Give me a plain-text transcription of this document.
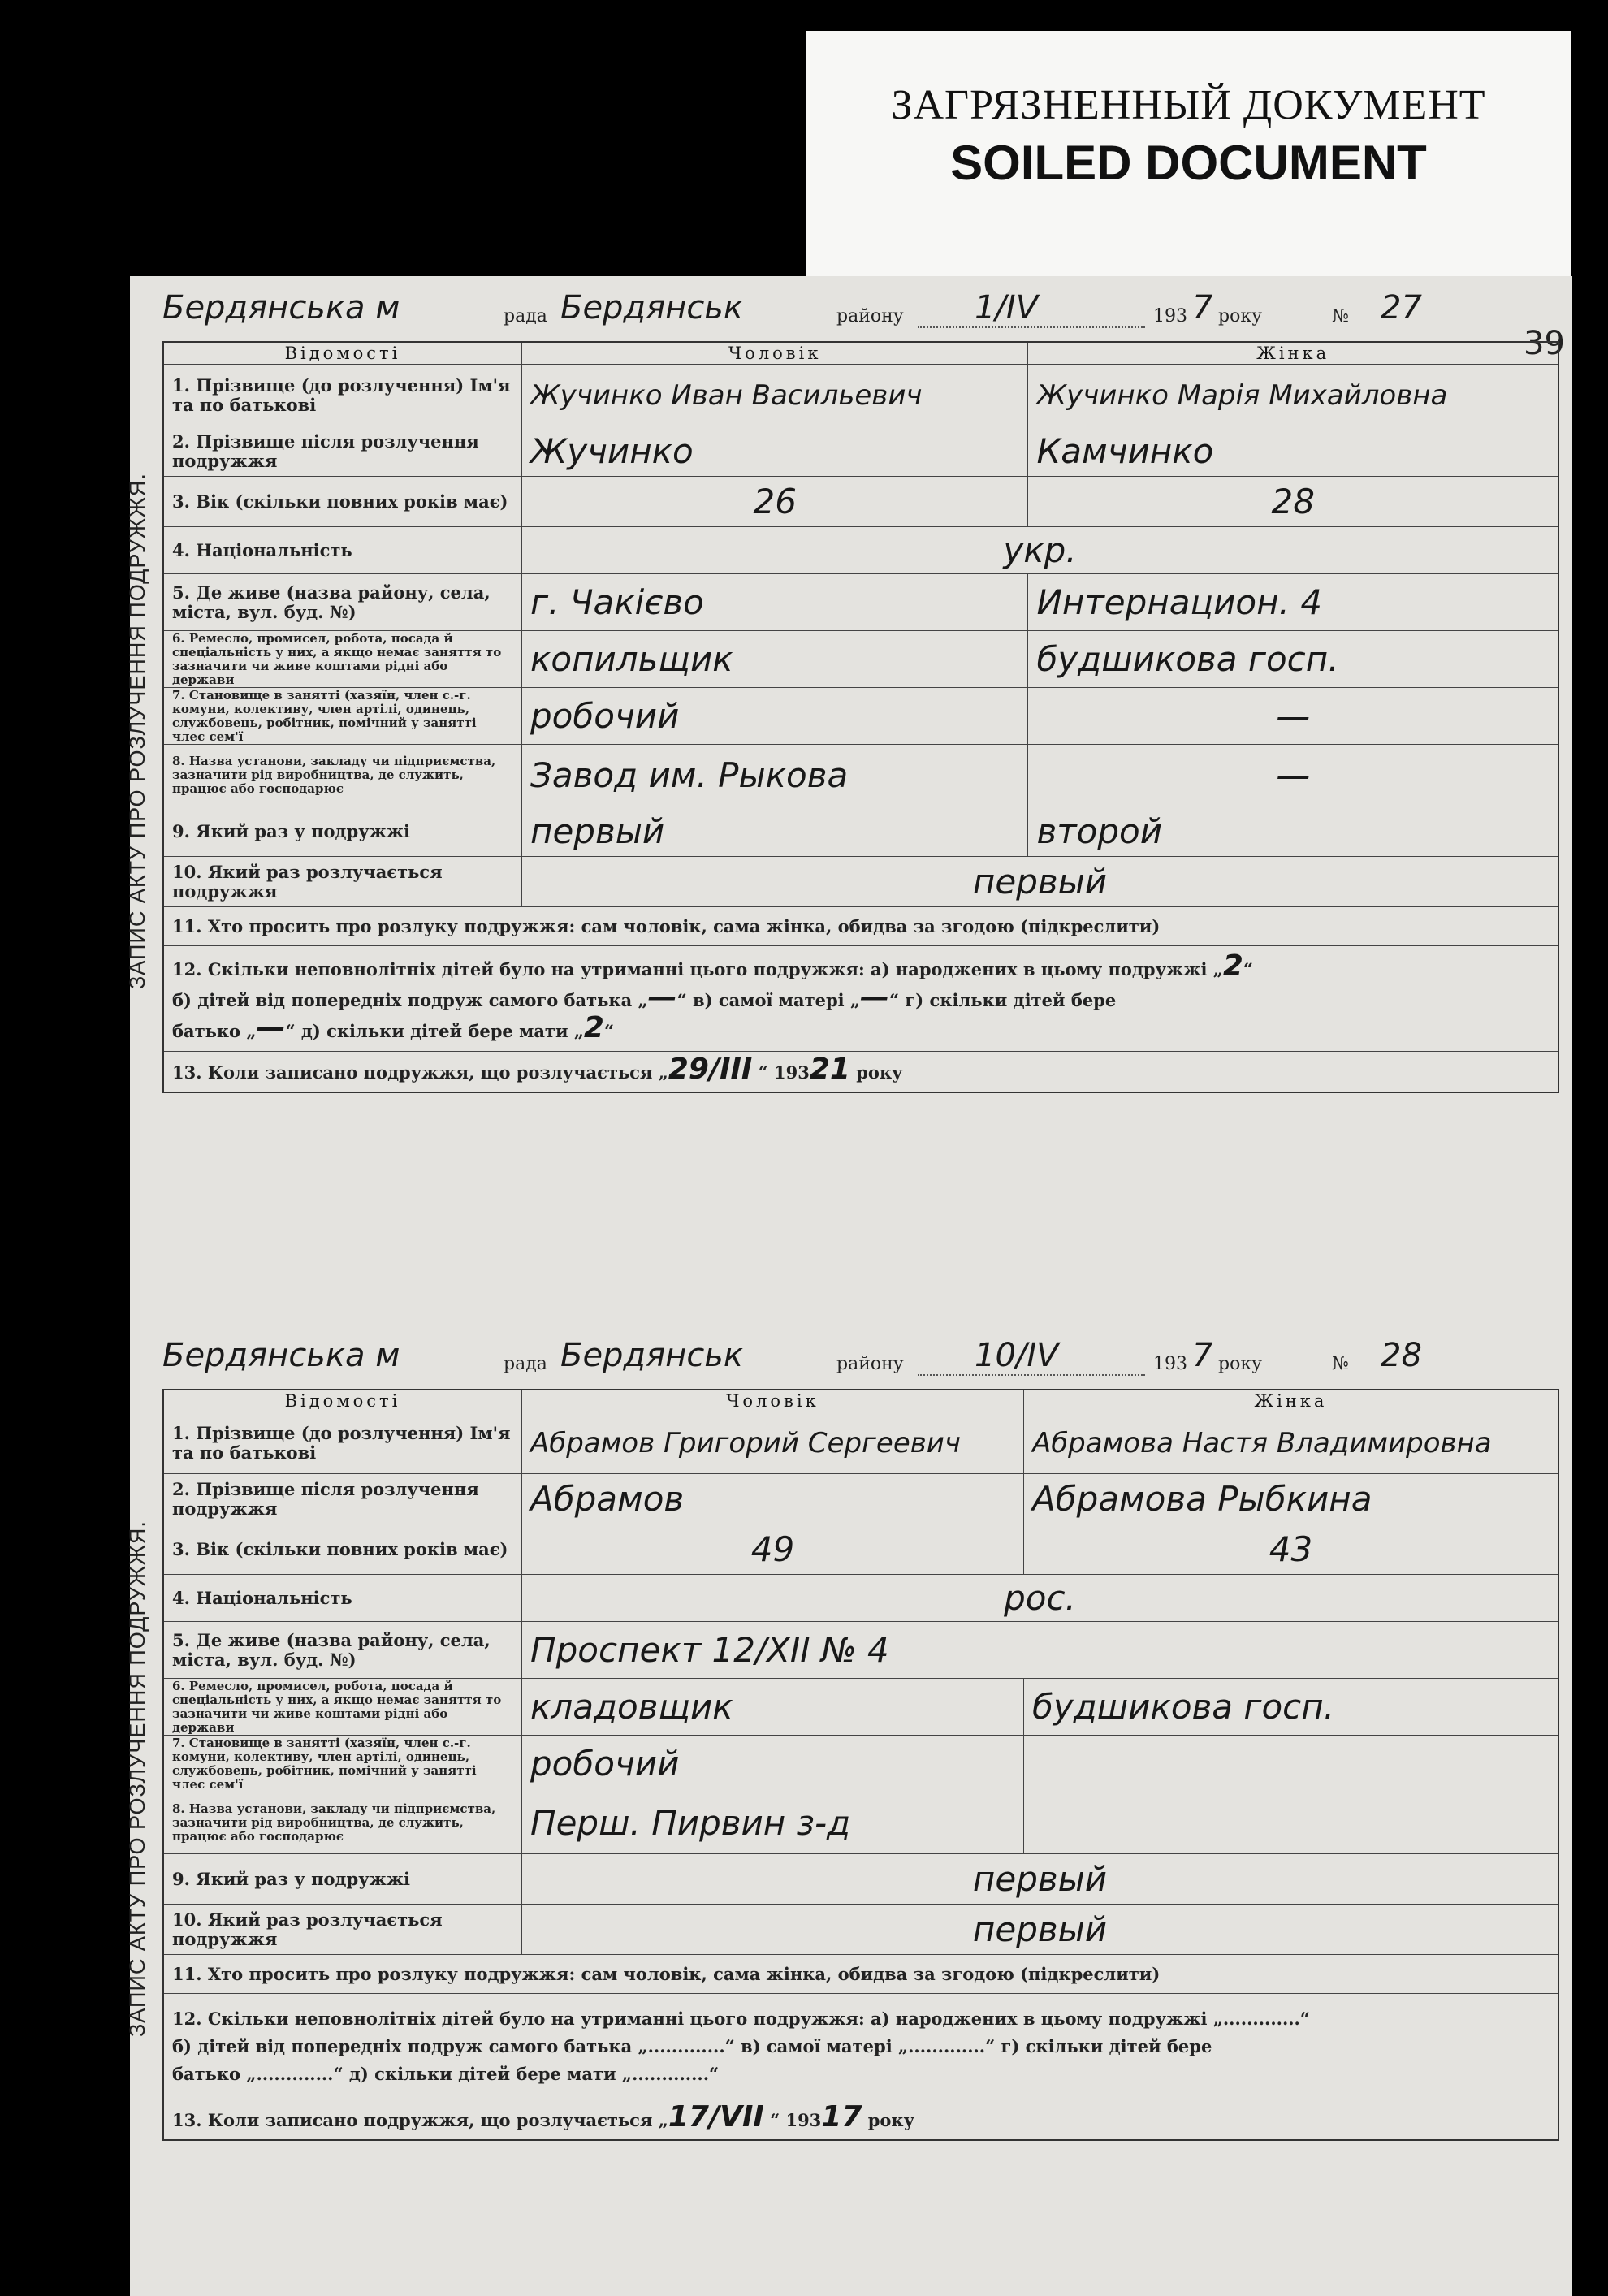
ЗАГРЯЗНЕННЫЙ ДОКУМЕНТ
SOILED DOCUMENT
ЗАПИС АКТУ ПРО РОЗЛУЧЕННЯ ПОДРУЖЖЯ.
Бердянська м	рада Бердянськ	району 1/IV	193 7 року	№ 27
39
Відомості	Чоловік	Жінка
1. Прізвище (до розлучення) Ім'я та по батькові	Жучинко Иван Васильевич	Жучинко Марія Михайловна
2. Прізвище після розлучення подружжя	Жучинко	Камчинко
3. Вік (скільки повних років має)	26	28
4. Національність	укр.	
5. Де живе (назва району, села, міста, вул. буд. №)	г. Чакієво	Интернацион. 4
6. Ремесло, промисел, робота, посада й спеціальність у них, а якщо немає заняття то зазначити чи живе коштами рідні або держави	копильщик	будшикова госп.
7. Становище в занятті (хазяїн, член с.-г. комуни, колективу, член артілі, одинець, службовець, робітник, помічний у занятті члес сем'ї	робочий	—
8. Назва установи, закладу чи підприємства, зазначити рід виробництва, де служить, працює або господарює	Завод им. Рыкова	—
9. Який раз у подружжі	первый	второй
10. Який раз розлучається подружжя	первый	
11. Хто просить про розлуку подружжя: сам чоловік, сама жінка, обидва за згодою (підкреслити)		
12. Скільки неповнолітніх дітей було на утриманні цього подружжя: а) народжених в цьому подружжі „2“
б) дітей від попередніх подруж самого батька „—“ в) самої матері „—“ г) скільки дітей бере
батько „—“ д) скільки дітей бере мати „2“		
13. Коли записано подружжя, що розлучається „29/III “ 19321 року		
ЗАПИС АКТУ ПРО РОЗЛУЧЕННЯ ПОДРУЖЖЯ.
Бердянська м	рада Бердянськ	району 10/IV	193 7 року	№ 28
Відомості	Чоловік	Жінка
1. Прізвище (до розлучення) Ім'я та по батькові	Абрамов Григорий Сергеевич	Абрамова Настя Владимировна
2. Прізвище після розлучення подружжя	Абрамов	Абрамова Рыбкина
3. Вік (скільки повних років має)	49	43
4. Національність	рос.	
5. Де живе (назва району, села, міста, вул. буд. №)	Проспект 12/XII № 4	
6. Ремесло, промисел, робота, посада й спеціальність у них, а якщо немає заняття то зазначити чи живе коштами рідні або держави	кладовщик	будшикова госп.
7. Становище в занятті (хазяїн, член с.-г. комуни, колективу, член артілі, одинець, службовець, робітник, помічний у занятті члес сем'ї	робочий	
8. Назва установи, закладу чи підприємства, зазначити рід виробництва, де служить, працює або господарює	Перш. Пирвин з-д	
9. Який раз у подружжі	первый	
10. Який раз розлучається подружжя	первый	
11. Хто просить про розлуку подружжя: сам чоловік, сама жінка, обидва за згодою (підкреслити)		
12. Скільки неповнолітніх дітей було на утриманні цього подружжя: а) народжених в цьому подружжі „.............“
б) дітей від попередніх подруж самого батька „.............“ в) самої матері „.............“ г) скільки дітей бере
батько „.............“ д) скільки дітей бере мати „.............“		
13. Коли записано подружжя, що розлучається „17/VII “ 19317 року		
